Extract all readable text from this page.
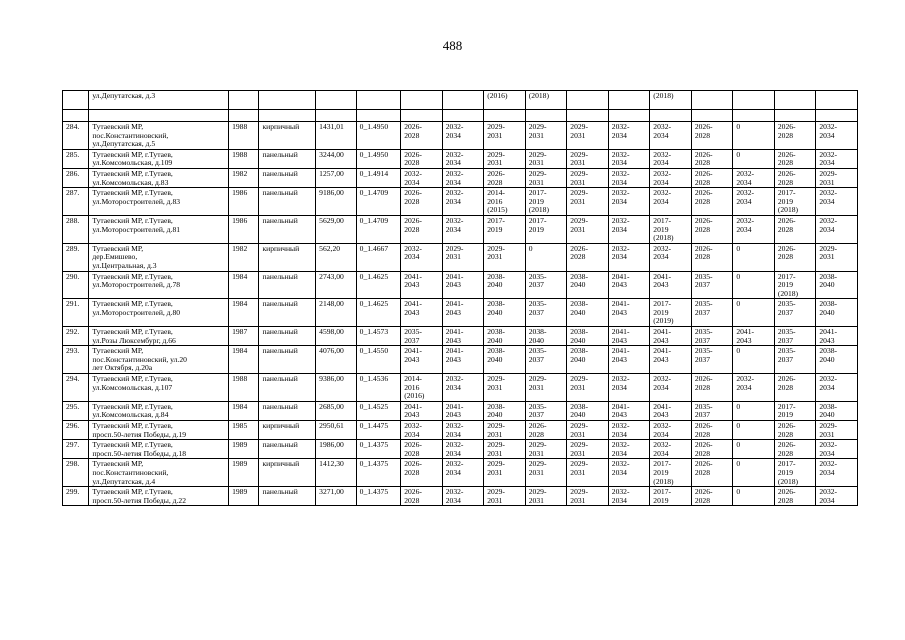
488

	ул.Депутатская, д.3							(2016)	(2018)			(2018)				

284.	Тутаевский МР,
пос.Константиновский,
ул.Депутатская, д.5	1988	кирпичный	1431,01	0_1.4950	2026-
2028	2032-
2034	2029-
2031	2029-
2031	2029-
2031	2032-
2034	2032-
2034	2026-
2028	0	2026-
2028	2032-
2034

285.	Тутаевский МР, г.Тутаев,
ул.Комсомольская, д.109	1988	панельный	3244,00	0_1.4950	2026-
2028	2032-
2034	2029-
2031	2029-
2031	2029-
2031	2032-
2034	2032-
2034	2026-
2028	0	2026-
2028	2032-
2034

286.	Тутаевский МР, г.Тутаев,
ул.Комсомольская, д.83	1982	панельный	1257,00	0_1.4914	2032-
2034	2032-
2034	2026-
2028	2029-
2031	2029-
2031	2032-
2034	2032-
2034	2026-
2028	2032-
2034	2026-
2028	2029-
2031

287.	Тутаевский МР, г.Тутаев,
ул.Моторостроителей, д.83	1986	панельный	9186,00	0_1.4709	2026-
2028	2032-
2034	2014-
2016
(2015)	2017-
2019
(2018)	2029-
2031	2032-
2034	2032-
2034	2026-
2028	2032-
2034	2017-
2019
(2018)	2032-
2034

288.	Тутаевский МР, г.Тутаев,
ул.Моторостроителей, д.81	1986	панельный	5629,00	0_1.4709	2026-
2028	2032-
2034	2017-
2019	2017-
2019	2029-
2031	2032-
2034	2017-
2019
(2018)	2026-
2028	2032-
2034	2026-
2028	2032-
2034

289.	Тутаевский МР,
дер.Емишево,
ул.Центральная, д.3	1982	кирпичный	562,20	0_1.4667	2032-
2034	2029-
2031	2029-
2031	0	2026-
2028	2032-
2034	2032-
2034	2026-
2028	0	2026-
2028	2029-
2031

290.	Тутаевский МР, г.Тутаев,
ул.Моторостроителей, д.78	1984	панельный	2743,00	0_1.4625	2041-
2043	2041-
2043	2038-
2040	2035-
2037	2038-
2040	2041-
2043	2041-
2043	2035-
2037	0	2017-
2019
(2018)	2038-
2040

291.	Тутаевский МР, г.Тутаев,
ул.Моторостроителей, д.80	1984	панельный	2148,00	0_1.4625	2041-
2043	2041-
2043	2038-
2040	2035-
2037	2038-
2040	2041-
2043	2017-
2019
(2019)	2035-
2037	0	2035-
2037	2038-
2040

292.	Тутаевский МР, г.Тутаев,
ул.Розы Люксембург, д.66	1987	панельный	4598,00	0_1.4573	2035-
2037	2041-
2043	2038-
2040	2038-
2040	2038-
2040	2041-
2043	2041-
2043	2035-
2037	2041-
2043	2035-
2037	2041-
2043

293.	Тутаевский МР,
пос.Константиновский, ул.20
лет Октября, д.20а	1984	панельный	4076,00	0_1.4550	2041-
2043	2041-
2043	2038-
2040	2035-
2037	2038-
2040	2041-
2043	2041-
2043	2035-
2037	0	2035-
2037	2038-
2040

294.	Тутаевский МР, г.Тутаев,
ул.Комсомольская, д.107	1988	панельный	9386,00	0_1.4536	2014-
2016
(2016)	2032-
2034	2029-
2031	2029-
2031	2029-
2031	2032-
2034	2032-
2034	2026-
2028	2032-
2034	2026-
2028	2032-
2034

295.	Тутаевский МР, г.Тутаев,
ул.Комсомольская, д.84	1984	панельный	2685,00	0_1.4525	2041-
2043	2041-
2043	2038-
2040	2035-
2037	2038-
2040	2041-
2043	2041-
2043	2035-
2037	0	2017-
2019	2038-
2040

296.	Тутаевский МР, г.Тутаев,
просп.50-летия Победы, д.19	1985	кирпичный	2950,61	0_1.4475	2032-
2034	2032-
2034	2029-
2031	2026-
2028	2029-
2031	2032-
2034	2032-
2034	2026-
2028	0	2026-
2028	2029-
2031

297.	Тутаевский МР, г.Тутаев,
просп.50-летия Победы, д.18	1989	панельный	1986,00	0_1.4375	2026-
2028	2032-
2034	2029-
2031	2029-
2031	2029-
2031	2032-
2034	2032-
2034	2026-
2028	0	2026-
2028	2032-
2034

298.	Тутаевский МР,
пос.Константиновский,
ул.Депутатская, д.4	1989	кирпичный	1412,30	0_1.4375	2026-
2028	2032-
2034	2029-
2031	2029-
2031	2029-
2031	2032-
2034	2017-
2019
(2018)	2026-
2028	0	2017-
2019
(2018)	2032-
2034

299.	Тутаевский МР, г.Тутаев,
просп.50-летия Победы, д.22	1989	панельный	3271,00	0_1.4375	2026-
2028	2032-
2034	2029-
2031	2029-
2031	2029-
2031	2032-
2034	2017-
2019	2026-
2028	0	2026-
2028	2032-
2034
